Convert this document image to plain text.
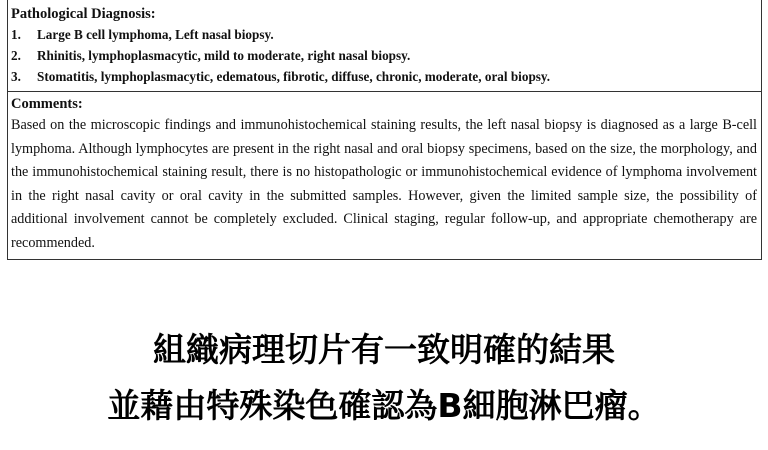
Pathological Diagnosis:
1.	Large B cell lymphoma, Left nasal biopsy.
2.	Rhinitis, lymphoplasmacytic, mild to moderate, right nasal biopsy.
3.	Stomatitis, lymphoplasmacytic, edematous, fibrotic, diffuse, chronic, moderate, oral biopsy.
Comments:
Based on the microscopic findings and immunohistochemical staining results, the left nasal biopsy is diagnosed as a large B-cell lymphoma. Although lymphocytes are present in the right nasal and oral biopsy specimens, based on the size, the morphology, and the immunohistochemical staining result, there is no histopathologic or immunohistochemical evidence of lymphoma involvement in the right nasal cavity or oral cavity in the submitted samples. However, given the limited sample size, the possibility of additional involvement cannot be completely excluded. Clinical staging, regular follow-up, and appropriate chemotherapy are recommended.
組織病理切片有一致明確的結果
並藉由特殊染色確認為B細胞淋巴瘤。
